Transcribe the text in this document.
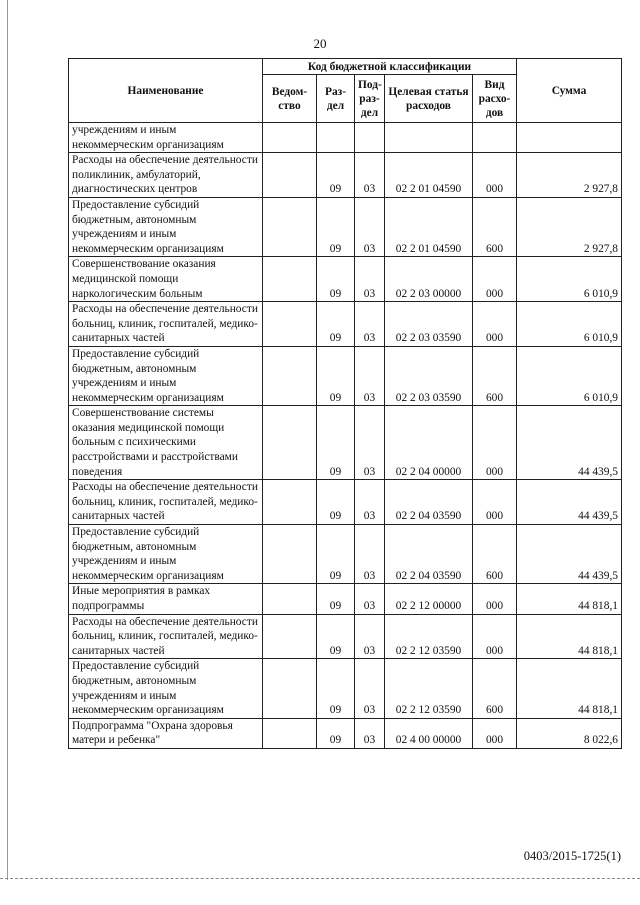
20
Наименование	Код бюджетной классификации					Сумма
	Ведом-ство	Раз-дел	Под-раз-дел	Целевая статья расходов	Вид расхо-дов	
учреждениям и иным некоммерческим организациям						
Расходы на обеспечение деятельности поликлиник, амбулаторий, диагностических центров		09	03	02 2 01 04590	000	2 927,8
Предоставление субсидий бюджетным, автономным учреждениям и иным некоммерческим организациям		09	03	02 2 01 04590	600	2 927,8
Совершенствование оказания медицинской помощи наркологическим больным		09	03	02 2 03 00000	000	6 010,9
Расходы на обеспечение деятельности больниц, клиник, госпиталей, медико-санитарных частей		09	03	02 2 03 03590	000	6 010,9
Предоставление субсидий бюджетным, автономным учреждениям и иным некоммерческим организациям		09	03	02 2 03 03590	600	6 010,9
Совершенствование системы оказания медицинской помощи больным с психическими расстройствами и расстройствами поведения		09	03	02 2 04 00000	000	44 439,5
Расходы на обеспечение деятельности больниц, клиник, госпиталей, медико-санитарных частей		09	03	02 2 04 03590	000	44 439,5
Предоставление субсидий бюджетным, автономным учреждениям и иным некоммерческим организациям		09	03	02 2 04 03590	600	44 439,5
Иные мероприятия в рамках подпрограммы		09	03	02 2 12 00000	000	44 818,1
Расходы на обеспечение деятельности больниц, клиник, госпиталей, медико-санитарных частей		09	03	02 2 12 03590	000	44 818,1
Предоставление субсидий бюджетным, автономным учреждениям и иным некоммерческим организациям		09	03	02 2 12 03590	600	44 818,1
Подпрограмма "Охрана здоровья матери и ребенка"		09	03	02 4 00 00000	000	8 022,6
0403/2015-1725(1)
